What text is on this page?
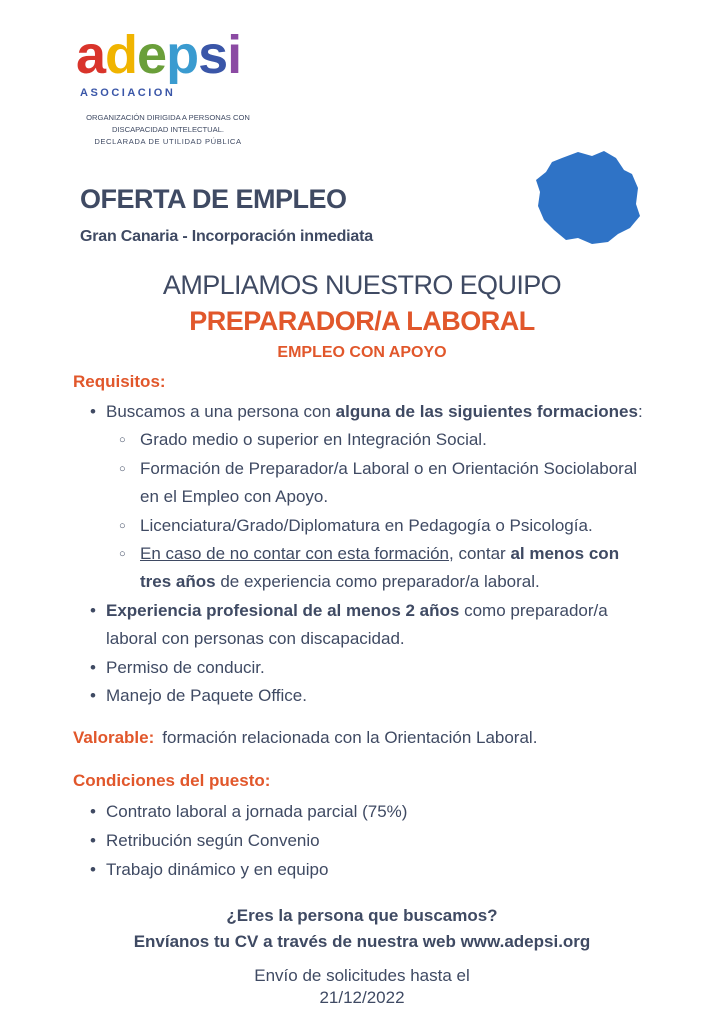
adepsi
ASOCIACION
ORGANIZACIÓN DIRIGIDA A PERSONAS CON
DISCAPACIDAD INTELECTUAL.
DECLARADA DE UTILIDAD PÚBLICA
OFERTA DE EMPLEO
Gran Canaria - Incorporación inmediata
AMPLIAMOS NUESTRO EQUIPO
PREPARADOR/A LABORAL
EMPLEO CON APOYO
Requisitos:
• Buscamos a una persona con alguna de las siguientes formaciones:
○ Grado medio o superior en Integración Social.
○ Formación de Preparador/a Laboral o en Orientación Sociolaboral
en el Empleo con Apoyo.
○ Licenciatura/Grado/Diplomatura en Pedagogía o Psicología.
○ En caso de no contar con esta formación, contar al menos con
tres años de experiencia como preparador/a laboral.
• Experiencia profesional de al menos 2 años como preparador/a
laboral con personas con discapacidad.
• Permiso de conducir.
• Manejo de Paquete Office.
Valorable: formación relacionada con la Orientación Laboral.
Condiciones del puesto:
• Contrato laboral a jornada parcial (75%)
• Retribución según Convenio
• Trabajo dinámico y en equipo
¿Eres la persona que buscamos?
Envíanos tu CV a través de nuestra web www.adepsi.org
Envío de solicitudes hasta el
21/12/2022
